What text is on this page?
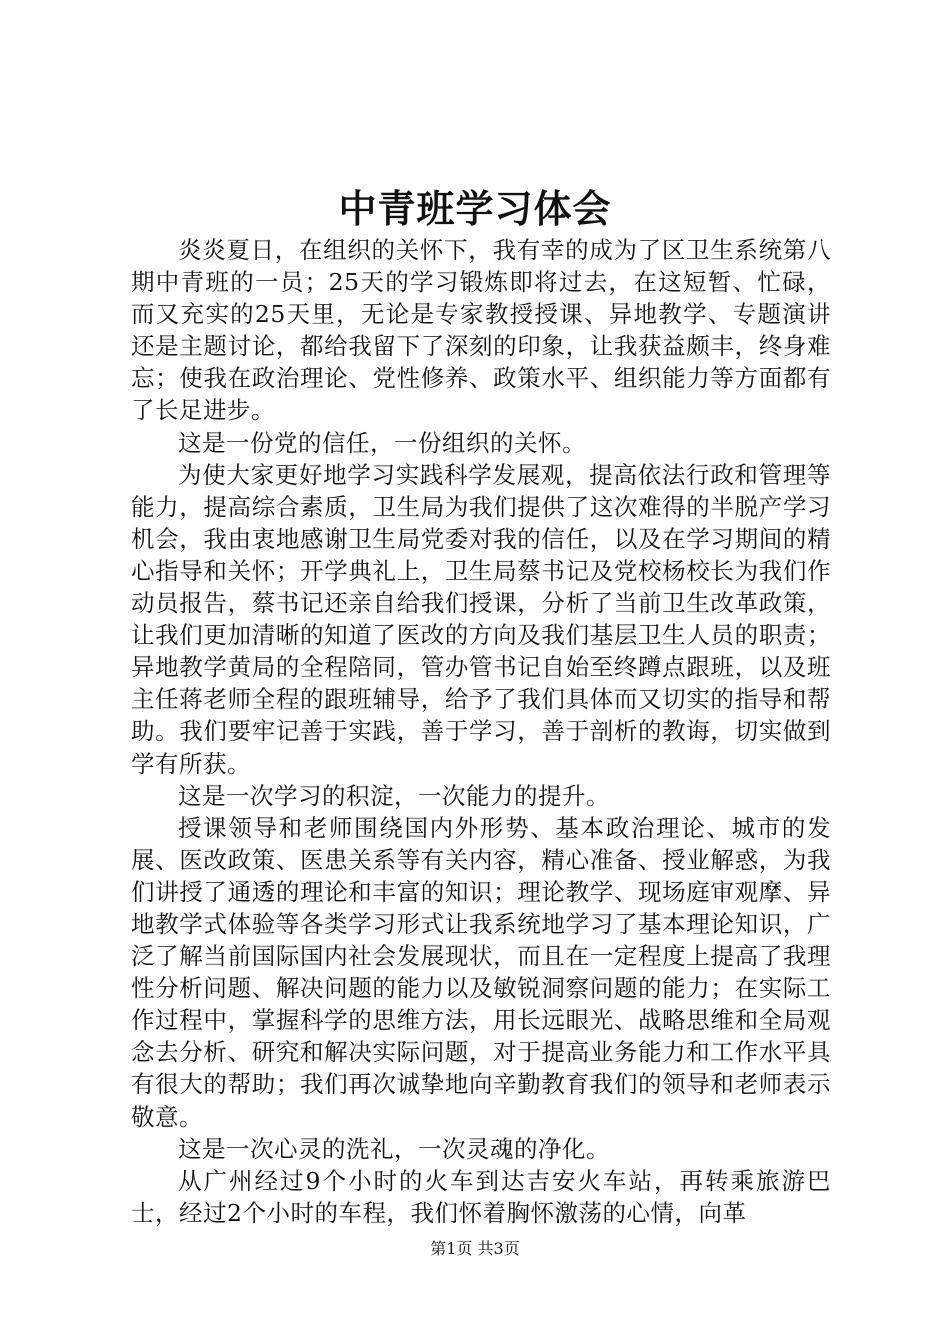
中青班学习体会

炎炎夏日，在组织的关怀下，我有幸的成为了区卫生系统第八期中青班的一员；25天的学习锻炼即将过去，在这短暂、忙碌，而又充实的25天里，无论是专家教授授课、异地教学、专题演讲还是主题讨论，都给我留下了深刻的印象，让我获益颇丰，终身难忘；使我在政治理论、党性修养、政策水平、组织能力等方面都有了长足进步。

这是一份党的信任，一份组织的关怀。

为使大家更好地学习实践科学发展观，提高依法行政和管理等能力，提高综合素质，卫生局为我们提供了这次难得的半脱产学习机会，我由衷地感谢卫生局党委对我的信任，以及在学习期间的精心指导和关怀；开学典礼上，卫生局蔡书记及党校杨校长为我们作动员报告，蔡书记还亲自给我们授课，分析了当前卫生改革政策，让我们更加清晰的知道了医改的方向及我们基层卫生人员的职责；异地教学黄局的全程陪同，管办管书记自始至终蹲点跟班，以及班主任蒋老师全程的跟班辅导，给予了我们具体而又切实的指导和帮助。我们要牢记善于实践，善于学习，善于剖析的教诲，切实做到学有所获。

这是一次学习的积淀，一次能力的提升。

授课领导和老师围绕国内外形势、基本政治理论、城市的发展、医改政策、医患关系等有关内容，精心准备、授业解惑，为我们讲授了通透的理论和丰富的知识；理论教学、现场庭审观摩、异地教学式体验等各类学习形式让我系统地学习了基本理论知识，广泛了解当前国际国内社会发展现状，而且在一定程度上提高了我理性分析问题、解决问题的能力以及敏锐洞察问题的能力；在实际工作过程中，掌握科学的思维方法，用长远眼光、战略思维和全局观念去分析、研究和解决实际问题，对于提高业务能力和工作水平具有很大的帮助；我们再次诚挚地向辛勤教育我们的领导和老师表示敬意。

这是一次心灵的洗礼，一次灵魂的净化。

从广州经过9个小时的火车到达吉安火车站，再转乘旅游巴士，经过2个小时的车程，我们怀着胸怀激荡的心情，向革

第1页 共3页
